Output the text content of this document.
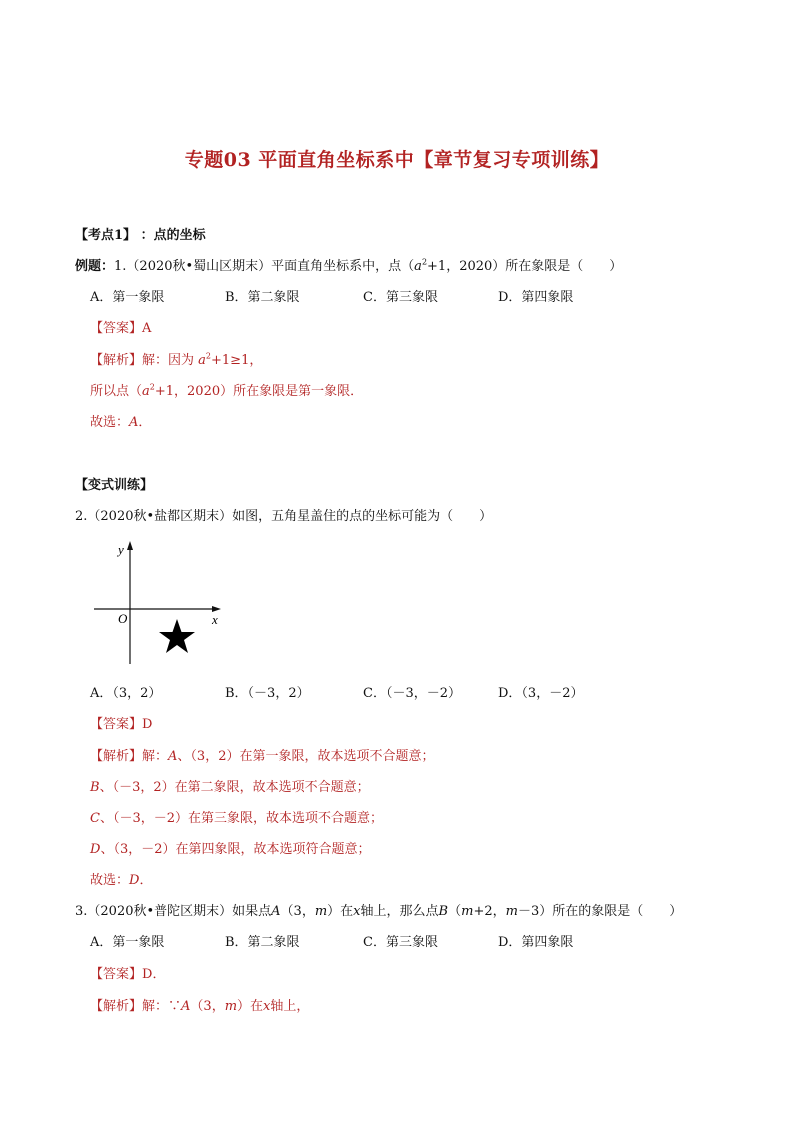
专题03 平面直角坐标系中【章节复习专项训练】
【考点1】 ：点的坐标
例题：1.（2020秋•蜀山区期末）平面直角坐标系中，点（$a^2+1$，2020）所在象限是（　　）
A．第一象限	B．第二象限	C．第三象限	D．第四象限
【答案】A
【解析】解：因为 $a^2+1\ge 1$，
所以点（$a^2+1$，2020）所在象限是第一象限．
故选：A．
【变式训练】
2.（2020秋•盐都区期末）如图，五角星盖住的点的坐标可能为（　　）
y
x
O
A．（3，2）	B．（－3，2）	C．（－3，－2）	D．（3，－2）
【答案】D
【解析】解：A、（3，2）在第一象限，故本选项不合题意；
B、（－3，2）在第二象限，故本选项不合题意；
C、（－3，－2）在第三象限，故本选项不合题意；
D、（3，－2）在第四象限，故本选项符合题意；
故选：D．
3.（2020秋•普陀区期末）如果点A（3，m）在x轴上，那么点B（m+2，m－3）所在的象限是（　　）
A．第一象限	B．第二象限	C．第三象限	D．第四象限
【答案】D．
【解析】解：∵A（3，m）在x轴上，
